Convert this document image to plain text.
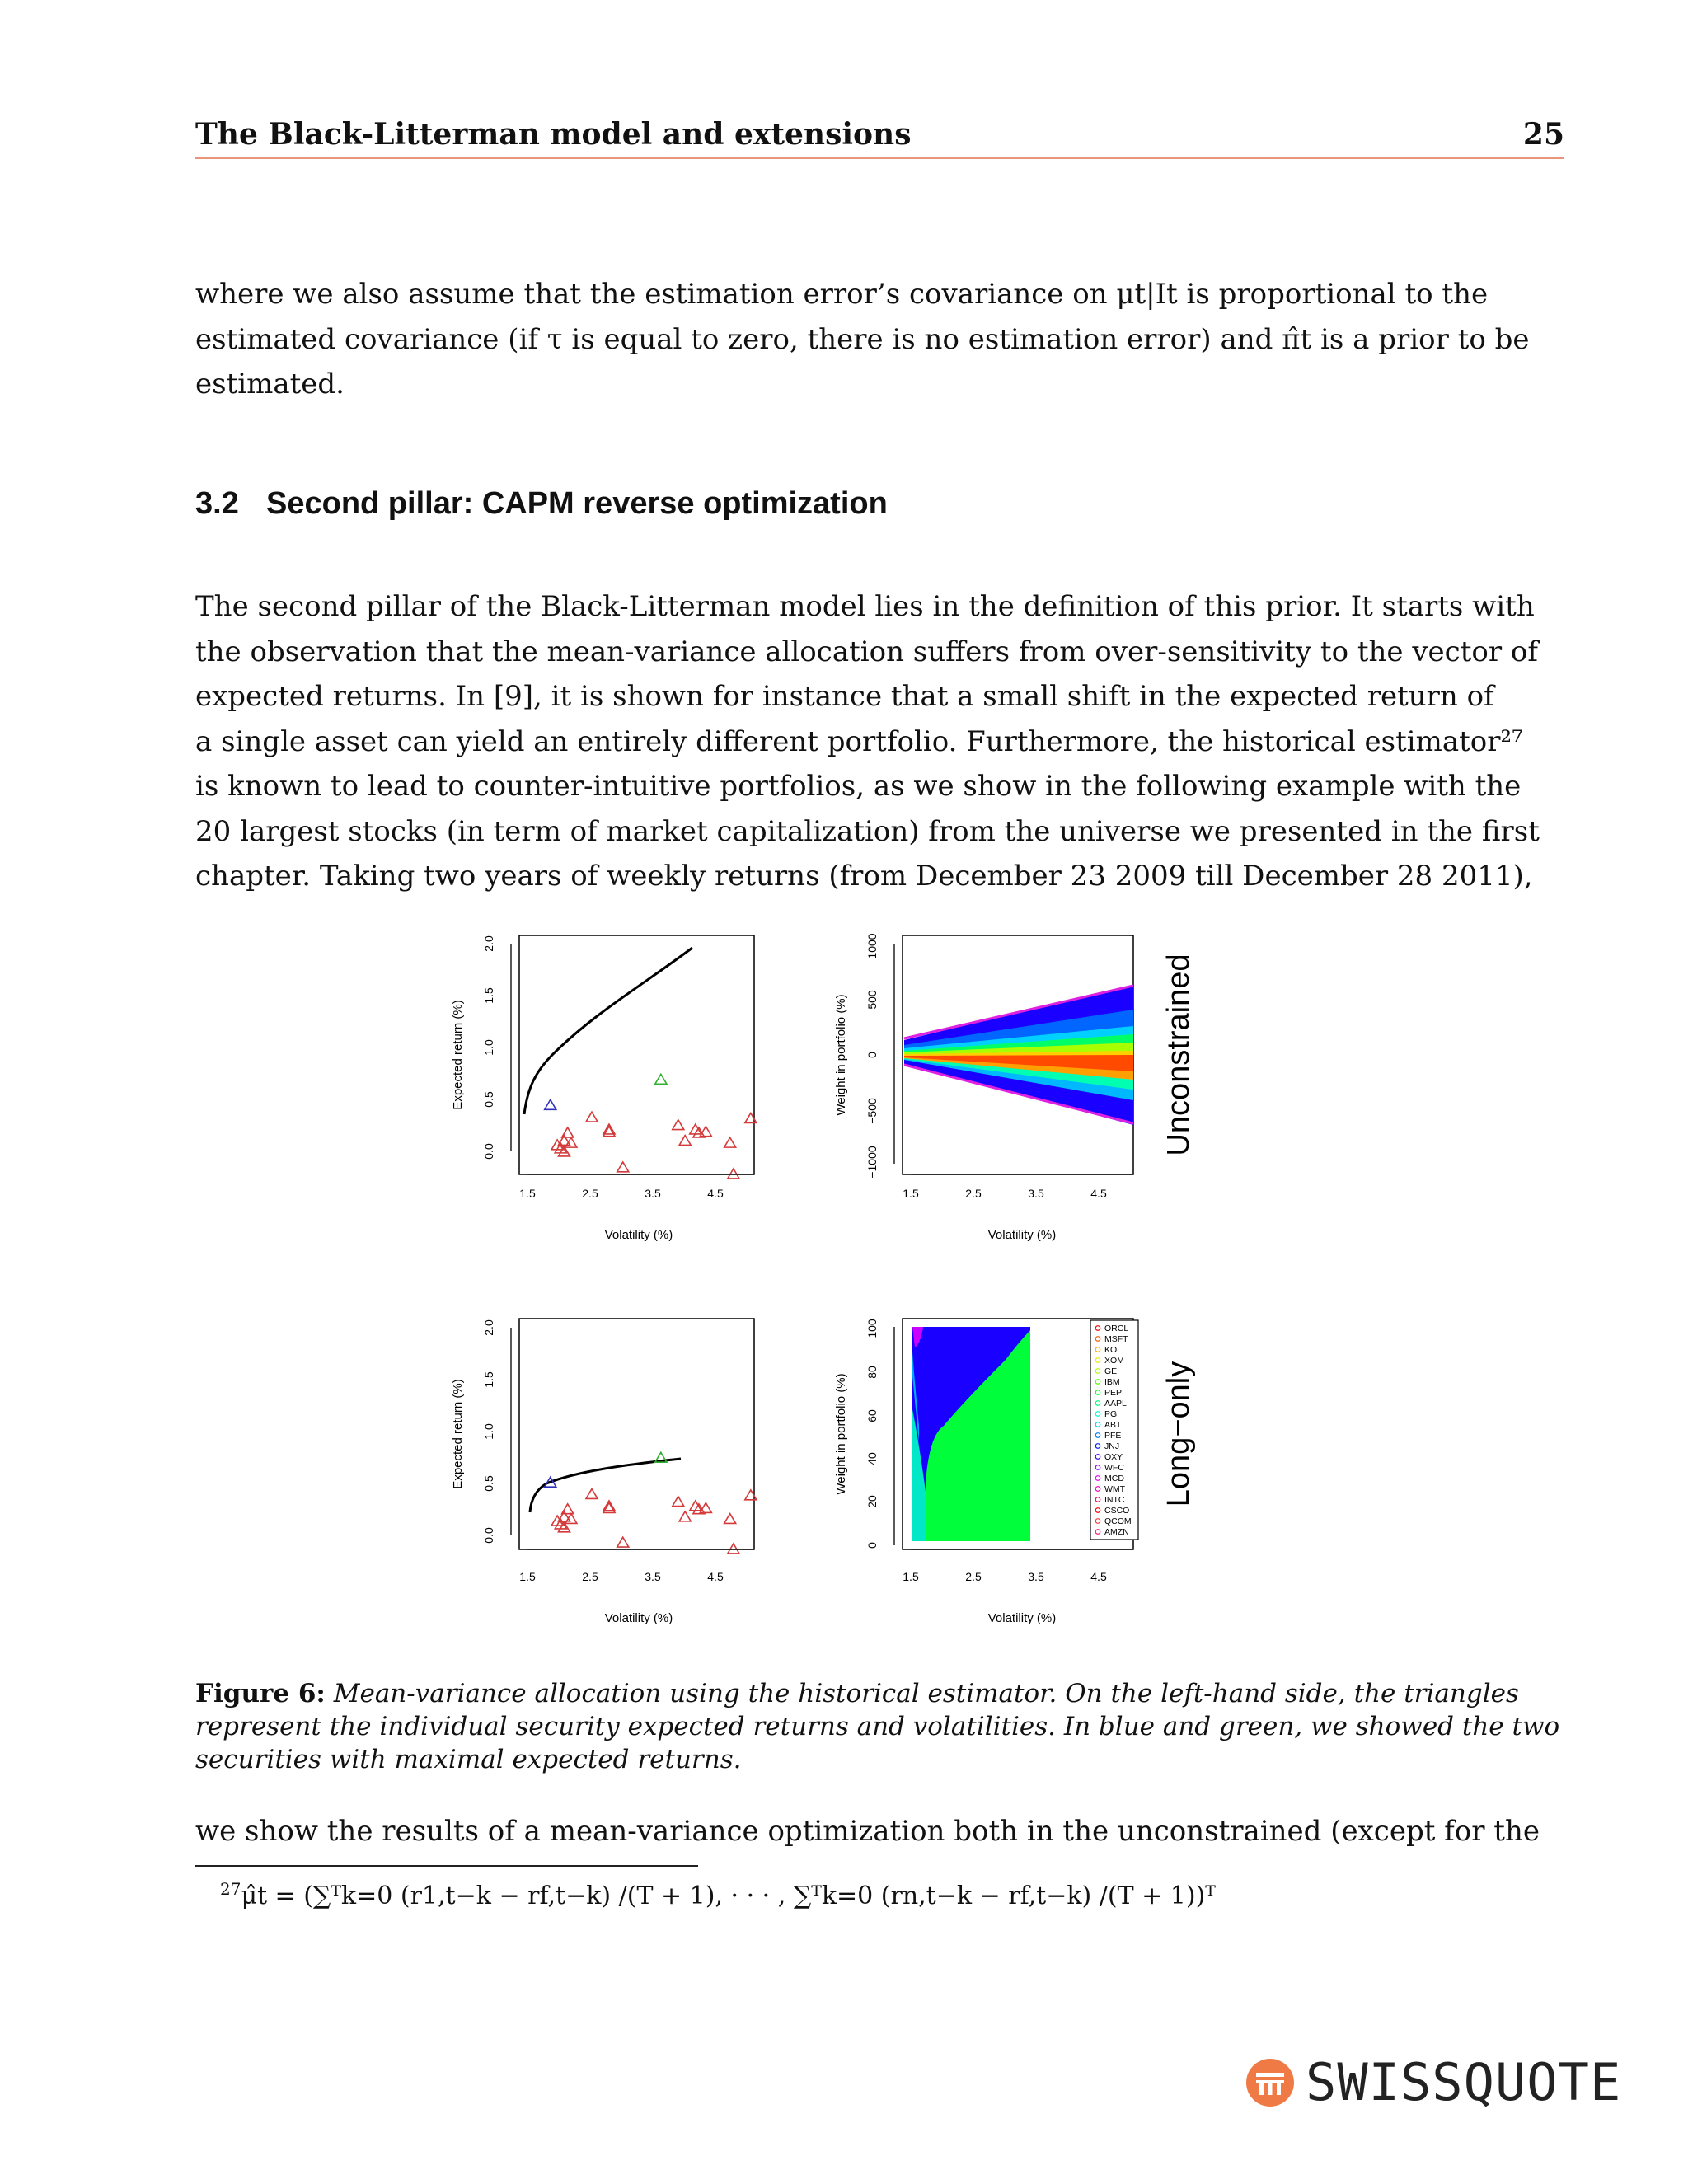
The Black-Litterman model and extensions	25
where we also assume that the estimation error’s covariance on μt|It is proportional to the
estimated covariance (if τ is equal to zero, there is no estimation error) and π̂t is a prior to be
estimated.
3.2 Second pillar: CAPM reverse optimization
The second pillar of the Black-Litterman model lies in the definition of this prior. It starts with
the observation that the mean-variance allocation suffers from over-sensitivity to the vector of
expected returns. In [9], it is shown for instance that a small shift in the expected return of
a single asset can yield an entirely different portfolio. Furthermore, the historical estimator²⁷
is known to lead to counter-intuitive portfolios, as we show in the following example with the
20 largest stocks (in term of market capitalization) from the universe we presented in the first
chapter. Taking two years of weekly returns (from December 23 2009 till December 28 2011),
1.5	2.5	3.5	4.5	1.5	2.5	3.5	4.5
1.5	2.5	3.5	4.5	1.5	2.5	3.5	4.5
Volatility (%)	Volatility (%)
Volatility (%)	Volatility (%)
0.0
0.5
1.0
1.5
2.0
−1000
−500
0
500
1000
0.0
0.5
1.0
1.5
2.0
0
20
40
60
80
100
Expected return (%)	Weight in portfolio (%)
Expected return (%)	Weight in portfolio (%)
Unconstrained
Long−only
ORCL
MSFT
KO
XOM
GE
IBM
PEP
AAPL
PG
ABT
PFE
JNJ
OXY
WFC
MCD
WMT
INTC
CSCO
QCOM
AMZN
Figure 6: Mean-variance allocation using the historical estimator. On the left-hand side, the triangles
represent the individual security expected returns and volatilities. In blue and green, we showed the two
securities with maximal expected returns.
we show the results of a mean-variance optimization both in the unconstrained (except for the
$^{27}$μ̂t = (∑ᵀk=0 (r1,t−k − rf,t−k) /(T + 1), · · · , ∑ᵀk=0 (rn,t−k − rf,t−k) /(T + 1))ᵀ
SWISSQUOTE
